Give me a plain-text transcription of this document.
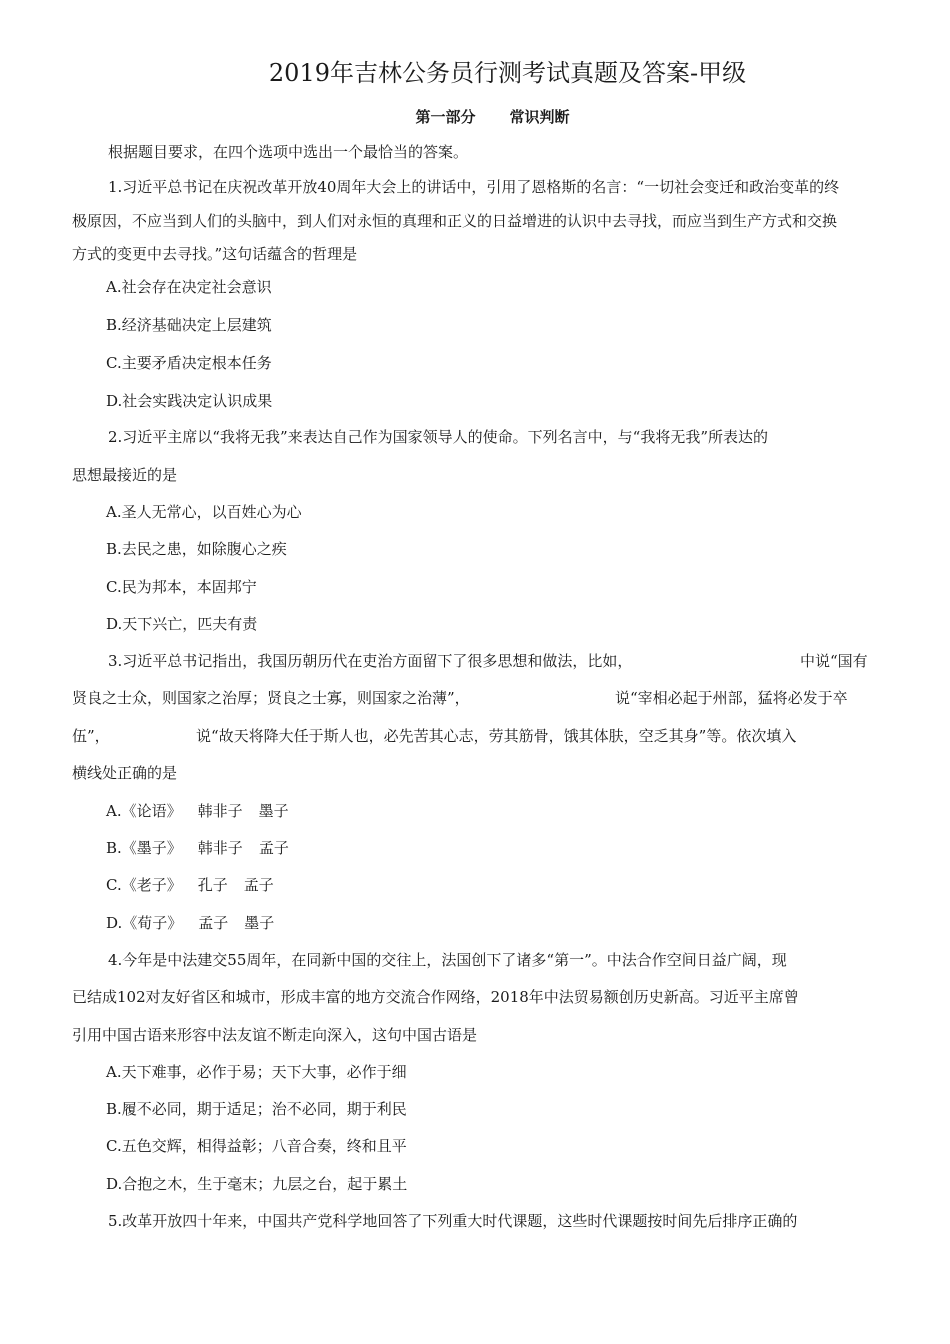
2019年吉林公务员行测考试真题及答案-甲级
第一部分 常识判断
根据题目要求，在四个选项中选出一个最恰当的答案。
1.习近平总书记在庆祝改革开放40周年大会上的讲话中，引用了恩格斯的名言：“一切社会变迁和政治变革的终
极原因，不应当到人们的头脑中，到人们对永恒的真理和正义的日益增进的认识中去寻找，而应当到生产方式和交换
方式的变更中去寻找。”这句话蕴含的哲理是
A.社会存在决定社会意识
B.经济基础决定上层建筑
C.主要矛盾决定根本任务
D.社会实践决定认识成果
2.习近平主席以“我将无我”来表达自己作为国家领导人的使命。下列名言中，与“我将无我”所表达的
思想最接近的是
A.圣人无常心，以百姓心为心
B.去民之患，如除腹心之疾
C.民为邦本，本固邦宁
D.天下兴亡，匹夫有责
3.习近平总书记指出，我国历朝历代在吏治方面留下了很多思想和做法，比如，	中说“国有
贤良之士众，则国家之治厚；贤良之士寡，则国家之治薄”，	说“宰相必起于州部，猛将必发于卒
伍”，	说“故天将降大任于斯人也，必先苦其心志，劳其筋骨，饿其体肤，空乏其身”等。依次填入
横线处正确的是
A.《论语》 韩非子 墨子
B.《墨子》 韩非子 孟子
C.《老子》 孔子 孟子
D.《荀子》 孟子 墨子
4.今年是中法建交55周年，在同新中国的交往上，法国创下了诸多“第一”。中法合作空间日益广阔，现
已结成102对友好省区和城市，形成丰富的地方交流合作网络，2018年中法贸易额创历史新高。习近平主席曾
引用中国古语来形容中法友谊不断走向深入，这句中国古语是
A.天下难事，必作于易；天下大事，必作于细
B.履不必同，期于适足；治不必同，期于利民
C.五色交辉，相得益彰；八音合奏，终和且平
D.合抱之木，生于毫末；九层之台，起于累土
5.改革开放四十年来，中国共产党科学地回答了下列重大时代课题，这些时代课题按时间先后排序正确的
